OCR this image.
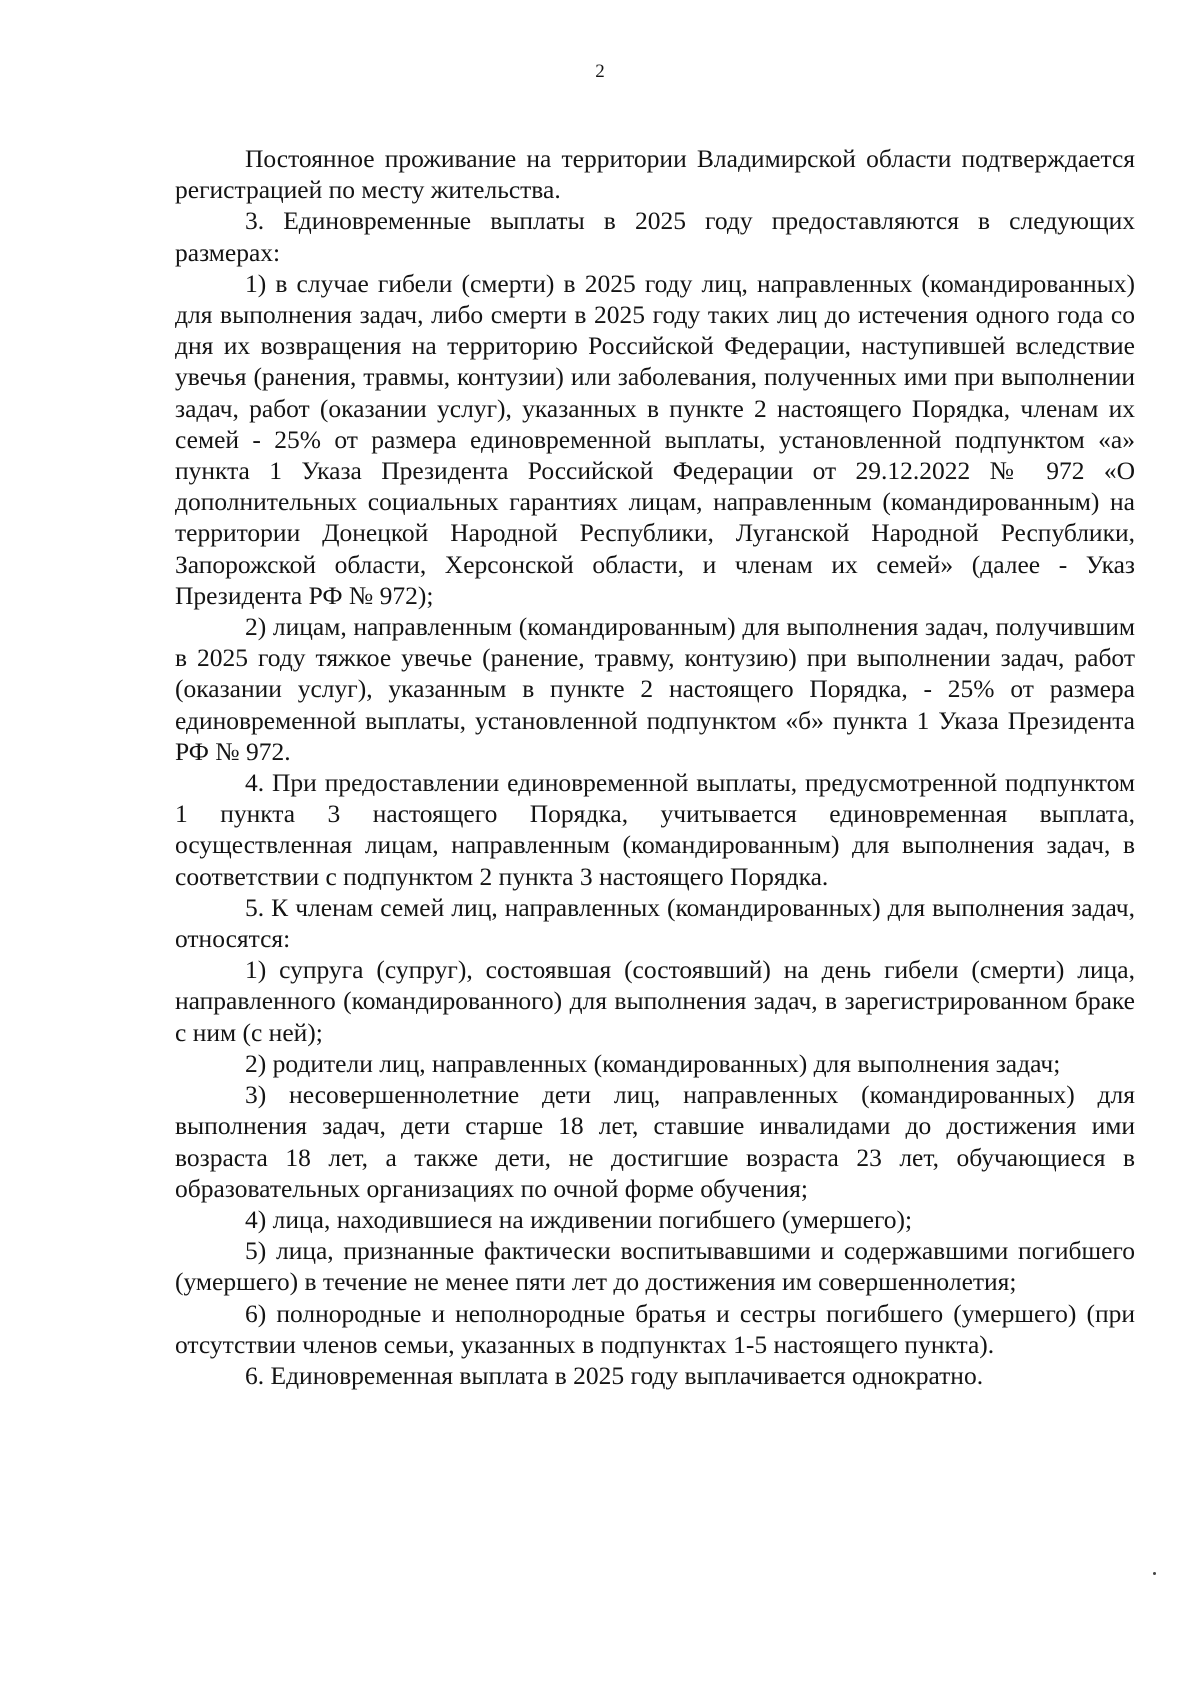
2

Постоянное проживание на территории Владимирской области подтверждается регистрацией по месту жительства.

3. Единовременные выплаты в 2025 году предоставляются в следующих размерах:

1) в случае гибели (смерти) в 2025 году лиц, направленных (командированных) для выполнения задач, либо смерти в 2025 году таких лиц до истечения одного года со дня их возвращения на территорию Российской Федерации, наступившей вследствие увечья (ранения, травмы, контузии) или заболевания, полученных ими при выполнении задач, работ (оказании услуг), указанных в пункте 2 настоящего Порядка, членам их семей - 25% от размера единовременной выплаты, установленной подпунктом «а» пункта 1 Указа Президента Российской Федерации от 29.12.2022 № 972 «О дополнительных социальных гарантиях лицам, направленным (командированным) на территории Донецкой Народной Республики, Луганской Народной Республики, Запорожской области, Херсонской области, и членам их семей» (далее - Указ Президента РФ № 972);

2) лицам, направленным (командированным) для выполнения задач, получившим в 2025 году тяжкое увечье (ранение, травму, контузию) при выполнении задач, работ (оказании услуг), указанным в пункте 2 настоящего Порядка, - 25% от размера единовременной выплаты, установленной подпунктом «б» пункта 1 Указа Президента РФ № 972.

4. При предоставлении единовременной выплаты, предусмотренной подпунктом 1 пункта 3 настоящего Порядка, учитывается единовременная выплата, осуществленная лицам, направленным (командированным) для выполнения задач, в соответствии с подпунктом 2 пункта 3 настоящего Порядка.

5. К членам семей лиц, направленных (командированных) для выполнения задач, относятся:

1) супруга (супруг), состоявшая (состоявший) на день гибели (смерти) лица, направленного (командированного) для выполнения задач, в зарегистрированном браке с ним (с ней);

2) родители лиц, направленных (командированных) для выполнения задач;

3) несовершеннолетние дети лиц, направленных (командированных) для выполнения задач, дети старше 18 лет, ставшие инвалидами до достижения ими возраста 18 лет, а также дети, не достигшие возраста 23 лет, обучающиеся в образовательных организациях по очной форме обучения;

4) лица, находившиеся на иждивении погибшего (умершего);

5) лица, признанные фактически воспитывавшими и содержавшими погибшего (умершего) в течение не менее пяти лет до достижения им совершеннолетия;

6) полнородные и неполнородные братья и сестры погибшего (умершего) (при отсутствии членов семьи, указанных в подпунктах 1-5 настоящего пункта).

6. Единовременная выплата в 2025 году выплачивается однократно.
